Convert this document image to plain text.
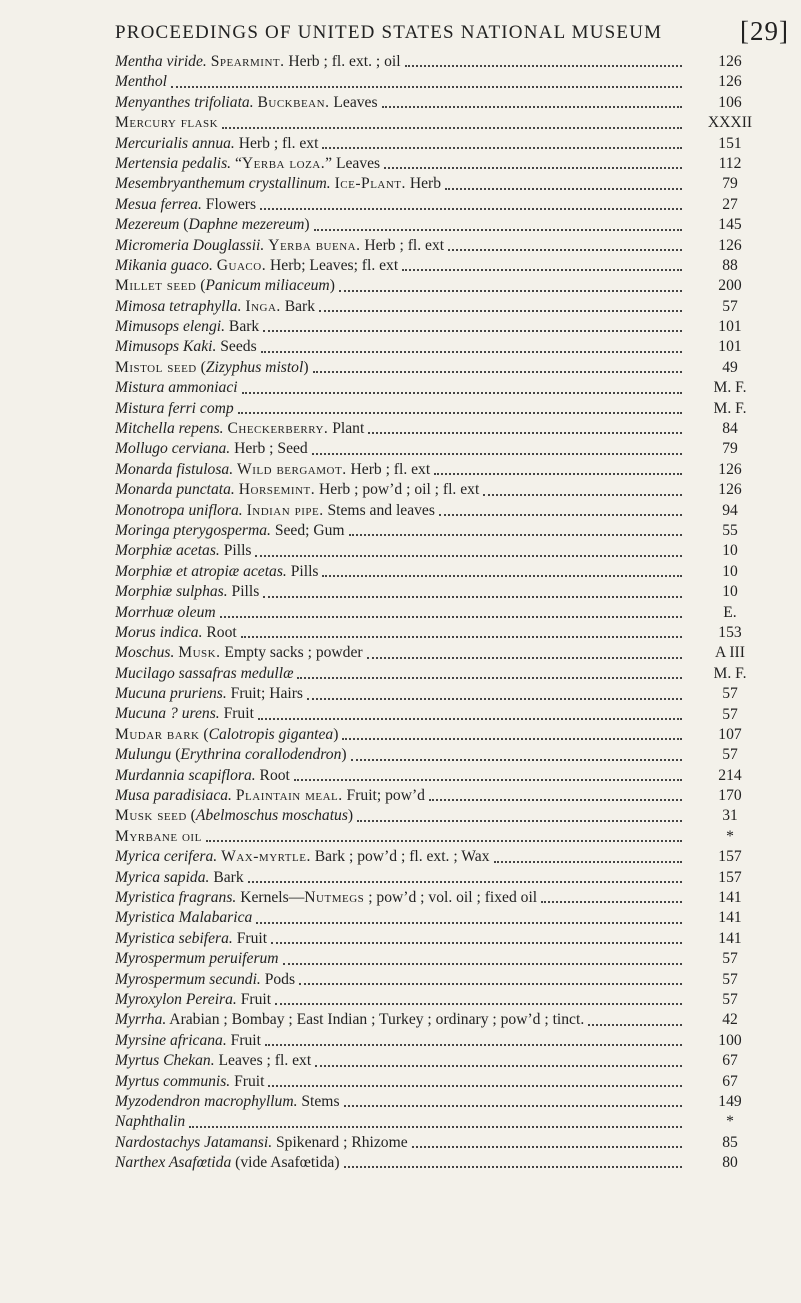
PROCEEDINGS OF UNITED STATES NATIONAL MUSEUM	[29]
Mentha viride. Spearmint. Herb ; fl. ext. ; oil
Menthol
Menyanthes trifoliata. Buckbean. Leaves
Mercury flask
Mercurialis annua. Herb ; fl. ext
Mertensia pedalis. “Yerba loza.” Leaves
Mesembryanthemum crystallinum. Ice-Plant. Herb
Mesua ferrea. Flowers
Mezereum (Daphne mezereum)
Micromeria Douglassii. Yerba buena. Herb ; fl. ext
Mikania guaco. Guaco. Herb; Leaves; fl. ext
Millet seed (Panicum miliaceum)
Mimosa tetraphylla. Inga. Bark
Mimusops elengi. Bark
Mimusops Kaki. Seeds
Mistol seed (Zizyphus mistol)
Mistura ammoniaci
Mistura ferri comp
Mitchella repens. Checkerberry. Plant
Mollugo cerviana. Herb ; Seed
Monarda fistulosa. Wild bergamot. Herb ; fl. ext
Monarda punctata. Horsemint. Herb ; pow’d ; oil ; fl. ext
Monotropa uniflora. Indian pipe. Stems and leaves
Moringa pterygosperma. Seed; Gum
Morphiæ acetas. Pills
Morphiæ et atropiæ acetas. Pills
Morphiæ sulphas. Pills
Morrhuæ oleum
Morus indica. Root
Moschus. Musk. Empty sacks ; powder
Mucilago sassafras medullæ
Mucuna pruriens. Fruit; Hairs
Mucuna ? urens. Fruit
Mudar bark (Calotropis gigantea)
Mulungu (Erythrina corallodendron)
Murdannia scapiflora. Root
Musa paradisiaca. Plaintain meal. Fruit; pow’d
Musk seed (Abelmoschus moschatus)
Myrbane oil
Myrica cerifera. Wax-myrtle. Bark ; pow’d ; fl. ext. ; Wax
Myrica sapida. Bark
Myristica fragrans. Kernels—Nutmegs ; pow’d ; vol. oil ; fixed oil
Myristica Malabarica
Myristica sebifera. Fruit
Myrospermum peruiferum
Myrospermum secundi. Pods
Myroxylon Pereira. Fruit
Myrrha. Arabian ; Bombay ; East Indian ; Turkey ; ordinary ; pow’d ; tinct.
Myrsine africana. Fruit
Myrtus Chekan. Leaves ; fl. ext
Myrtus communis. Fruit
Myzodendron macrophyllum. Stems
Naphthalin
Nardostachys Jatamansi. Spikenard ; Rhizome
Narthex Asafœtida (vide Asafœtida)
126
126
106
XXXII
151
112
79
27
145
126
88
200
57
101
101
49
M. F.
M. F.
84
79
126
126
94
55
10
10
10
E.
153
A III
M. F.
57
57
107
57
214
170
31
*
157
157
141
141
141
57
57
57
42
100
67
67
149
*
85
80
